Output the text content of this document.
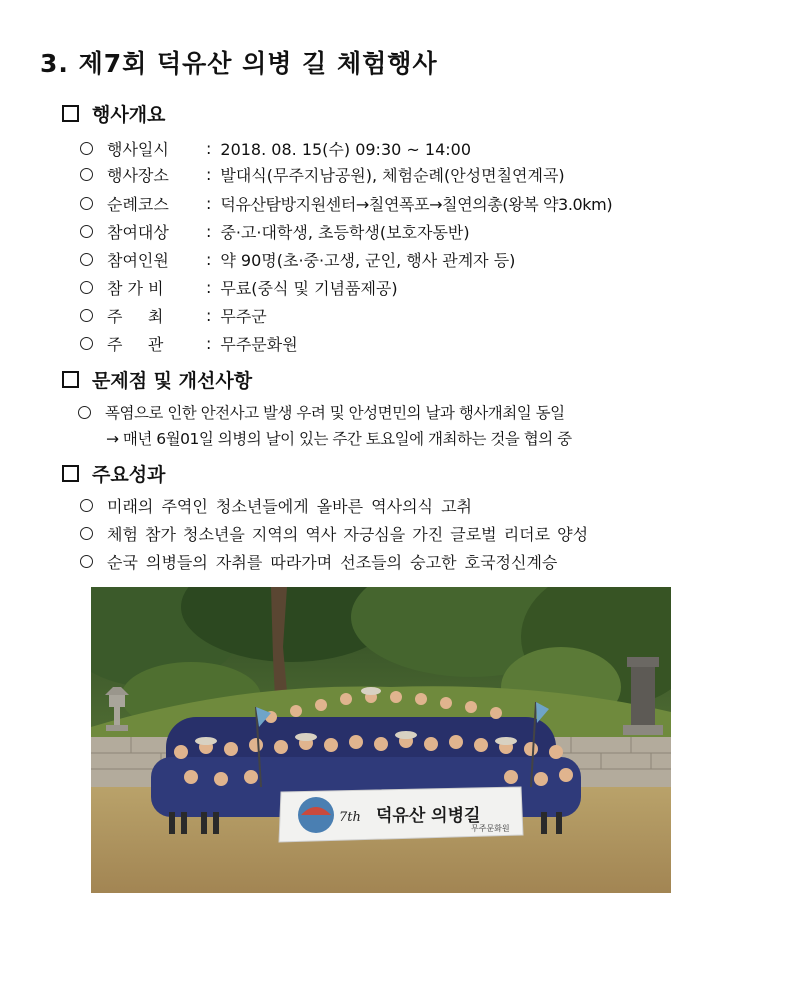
3. 제7회 덕유산 의병 길 체험행사
행사개요
행사일시	: 2018. 08. 15(수) 09:30 ~ 14:00
행사장소	: 발대식(무주지남공원), 체험순례(안성면칠연계곡)
순례코스	: 덕유산탐방지원센터→칠연폭포→칠연의총(왕복 약3.0km)
참여대상	: 중·고·대학생, 초등학생(보호자동반)
참여인원	: 약 90명(초·중·고생, 군인, 행사 관계자 등)
참 가 비	: 무료(중식 및 기념품제공)
주     최	: 무주군
주     관	: 무주문화원
문제점 및 개선사항
폭염으로 인한 안전사고 발생 우려 및 안성면민의 날과 행사개최일 동일
→ 매년 6월01일 의병의 날이 있는 주간 토요일에 개최하는 것을 협의 중
주요성과
미래의 주역인 청소년들에게 올바른 역사의식 고취
체험 참가 청소년을 지역의 역사 자긍심을 가진 글로벌 리더로 양성
순국 의병들의 자취를 따라가며 선조들의 숭고한 호국정신계승
7th 덕유산 의병길
무주문화원
